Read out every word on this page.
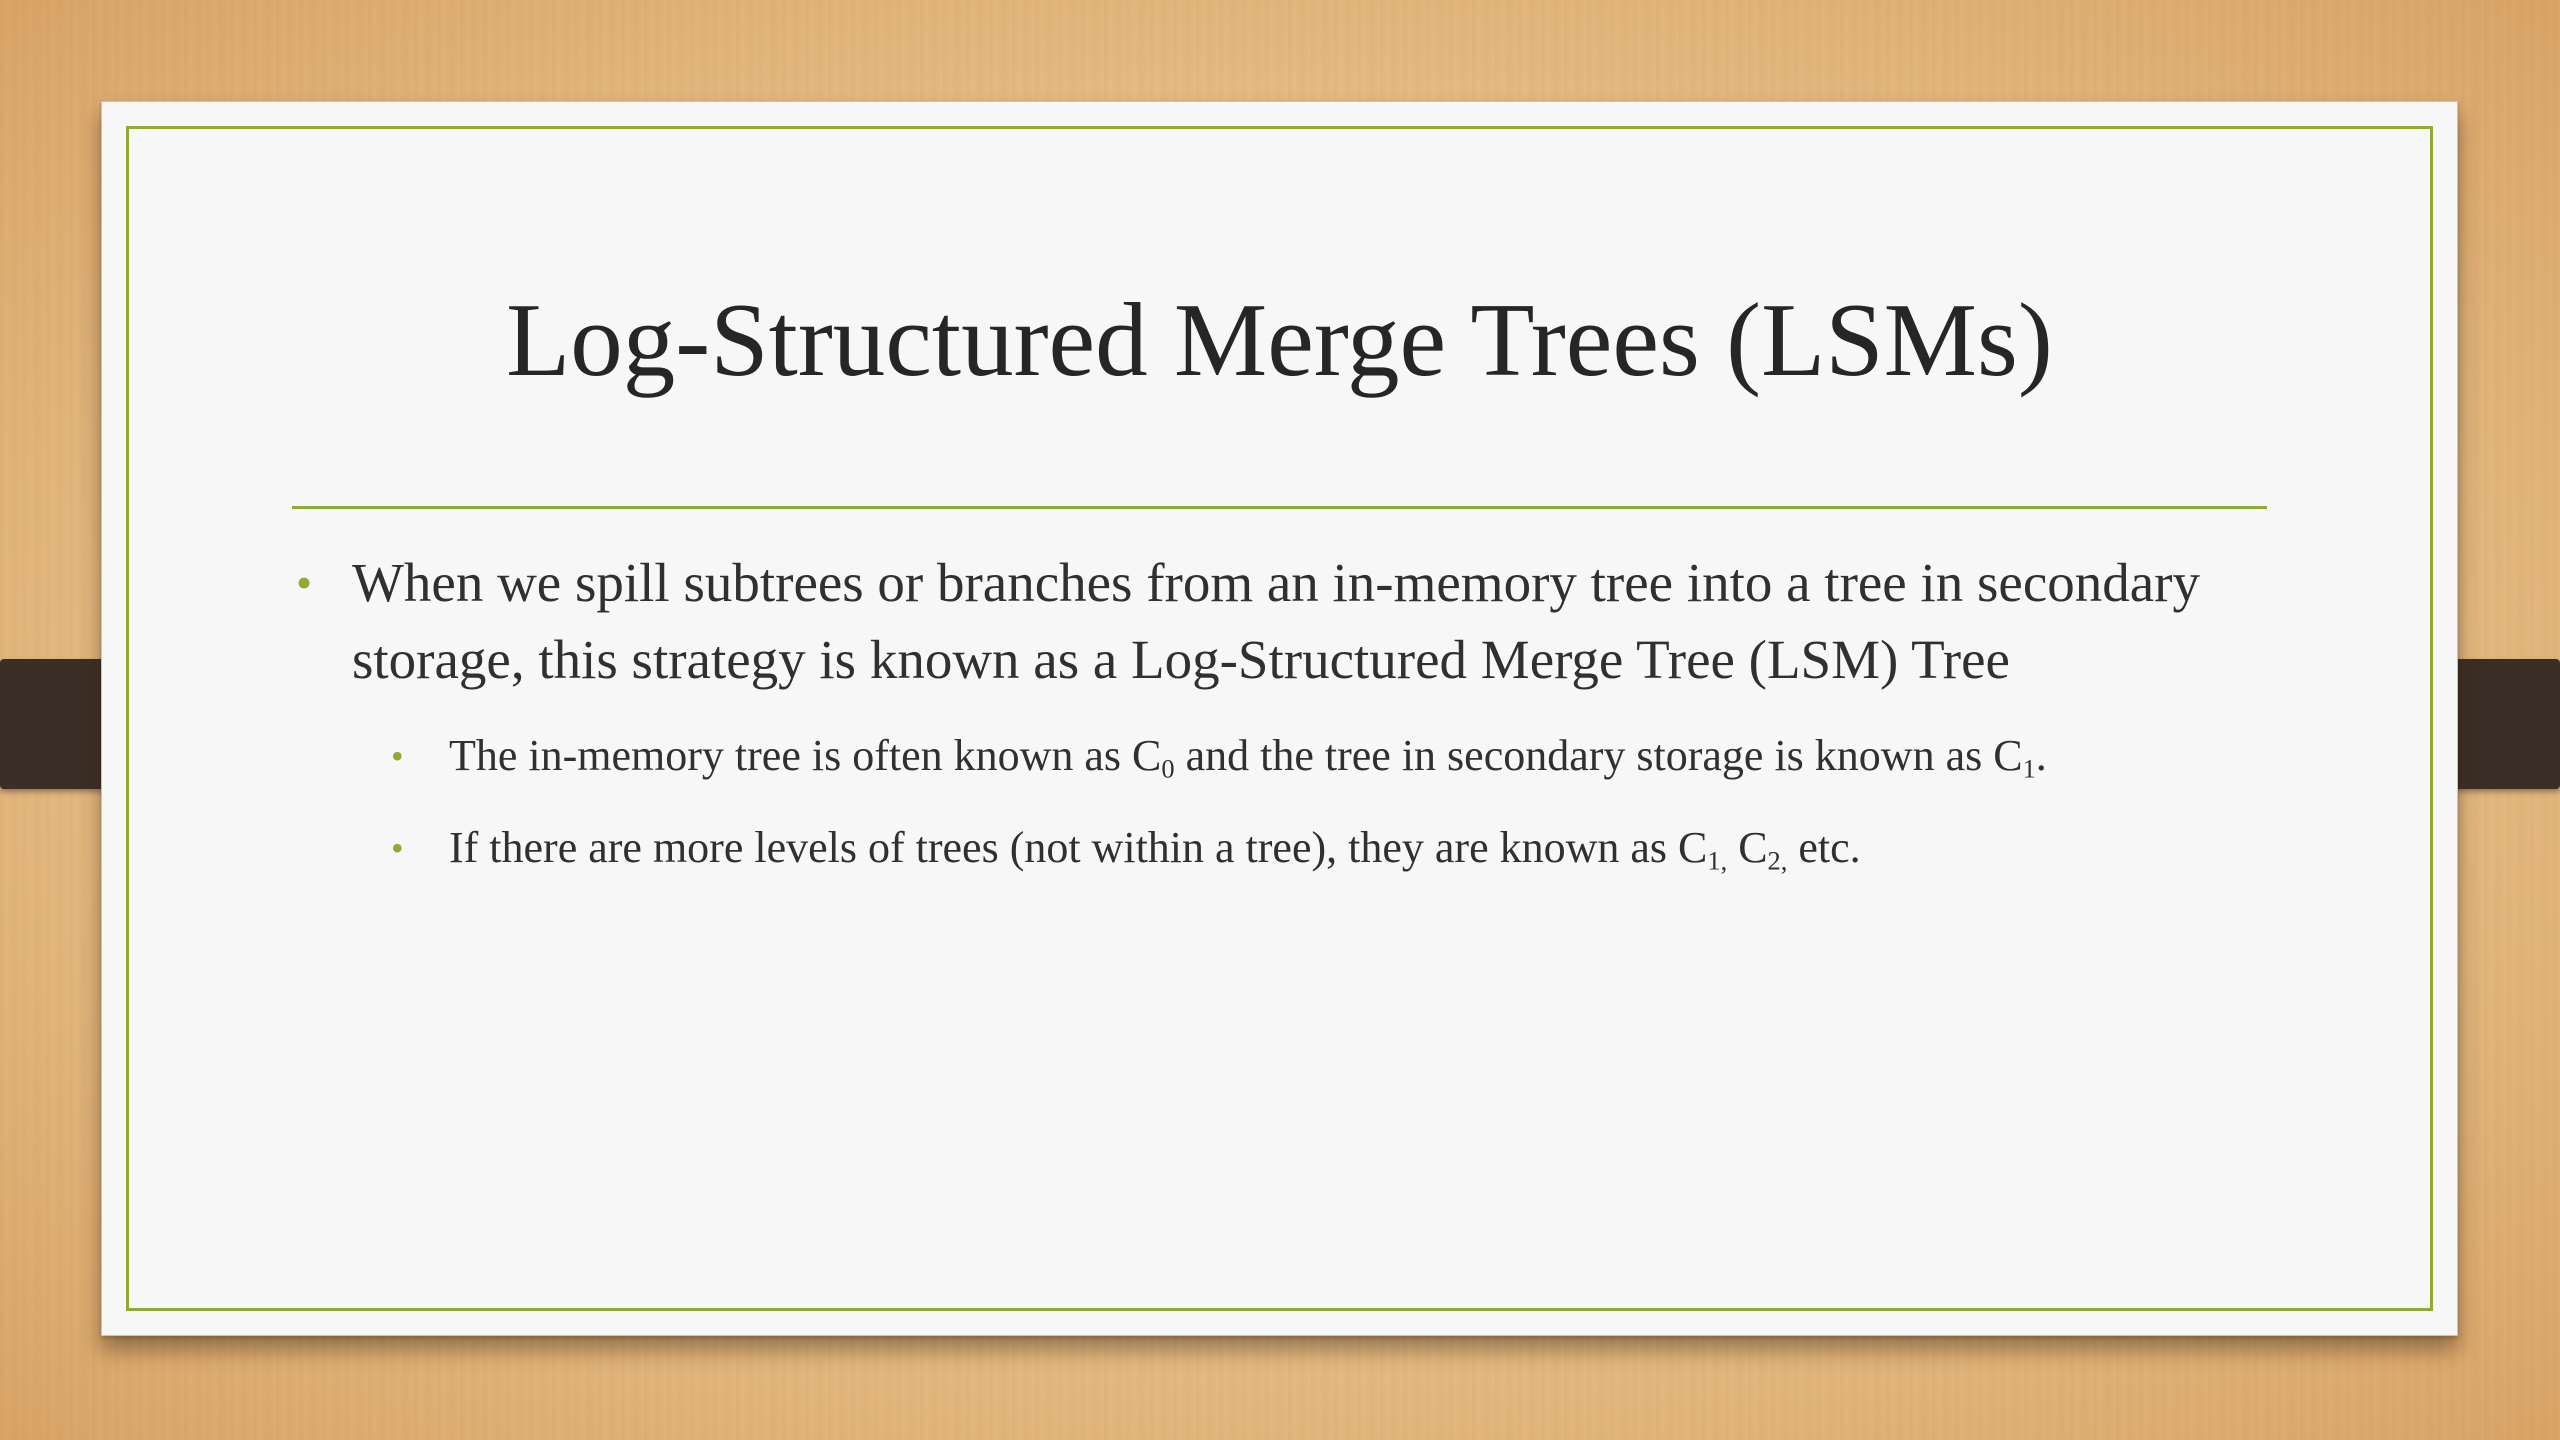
Log-Structured Merge Trees (LSMs)
• When we spill subtrees or branches from an in-memory tree into a tree in secondary storage, this strategy is known as a Log-Structured Merge Tree (LSM) Tree
• The in-memory tree is often known as $C_0$ and the tree in secondary storage is known as $C_1$.
• If there are more levels of trees (not within a tree), they are known as $C_{1,}$ $C_{2,}$ etc.
